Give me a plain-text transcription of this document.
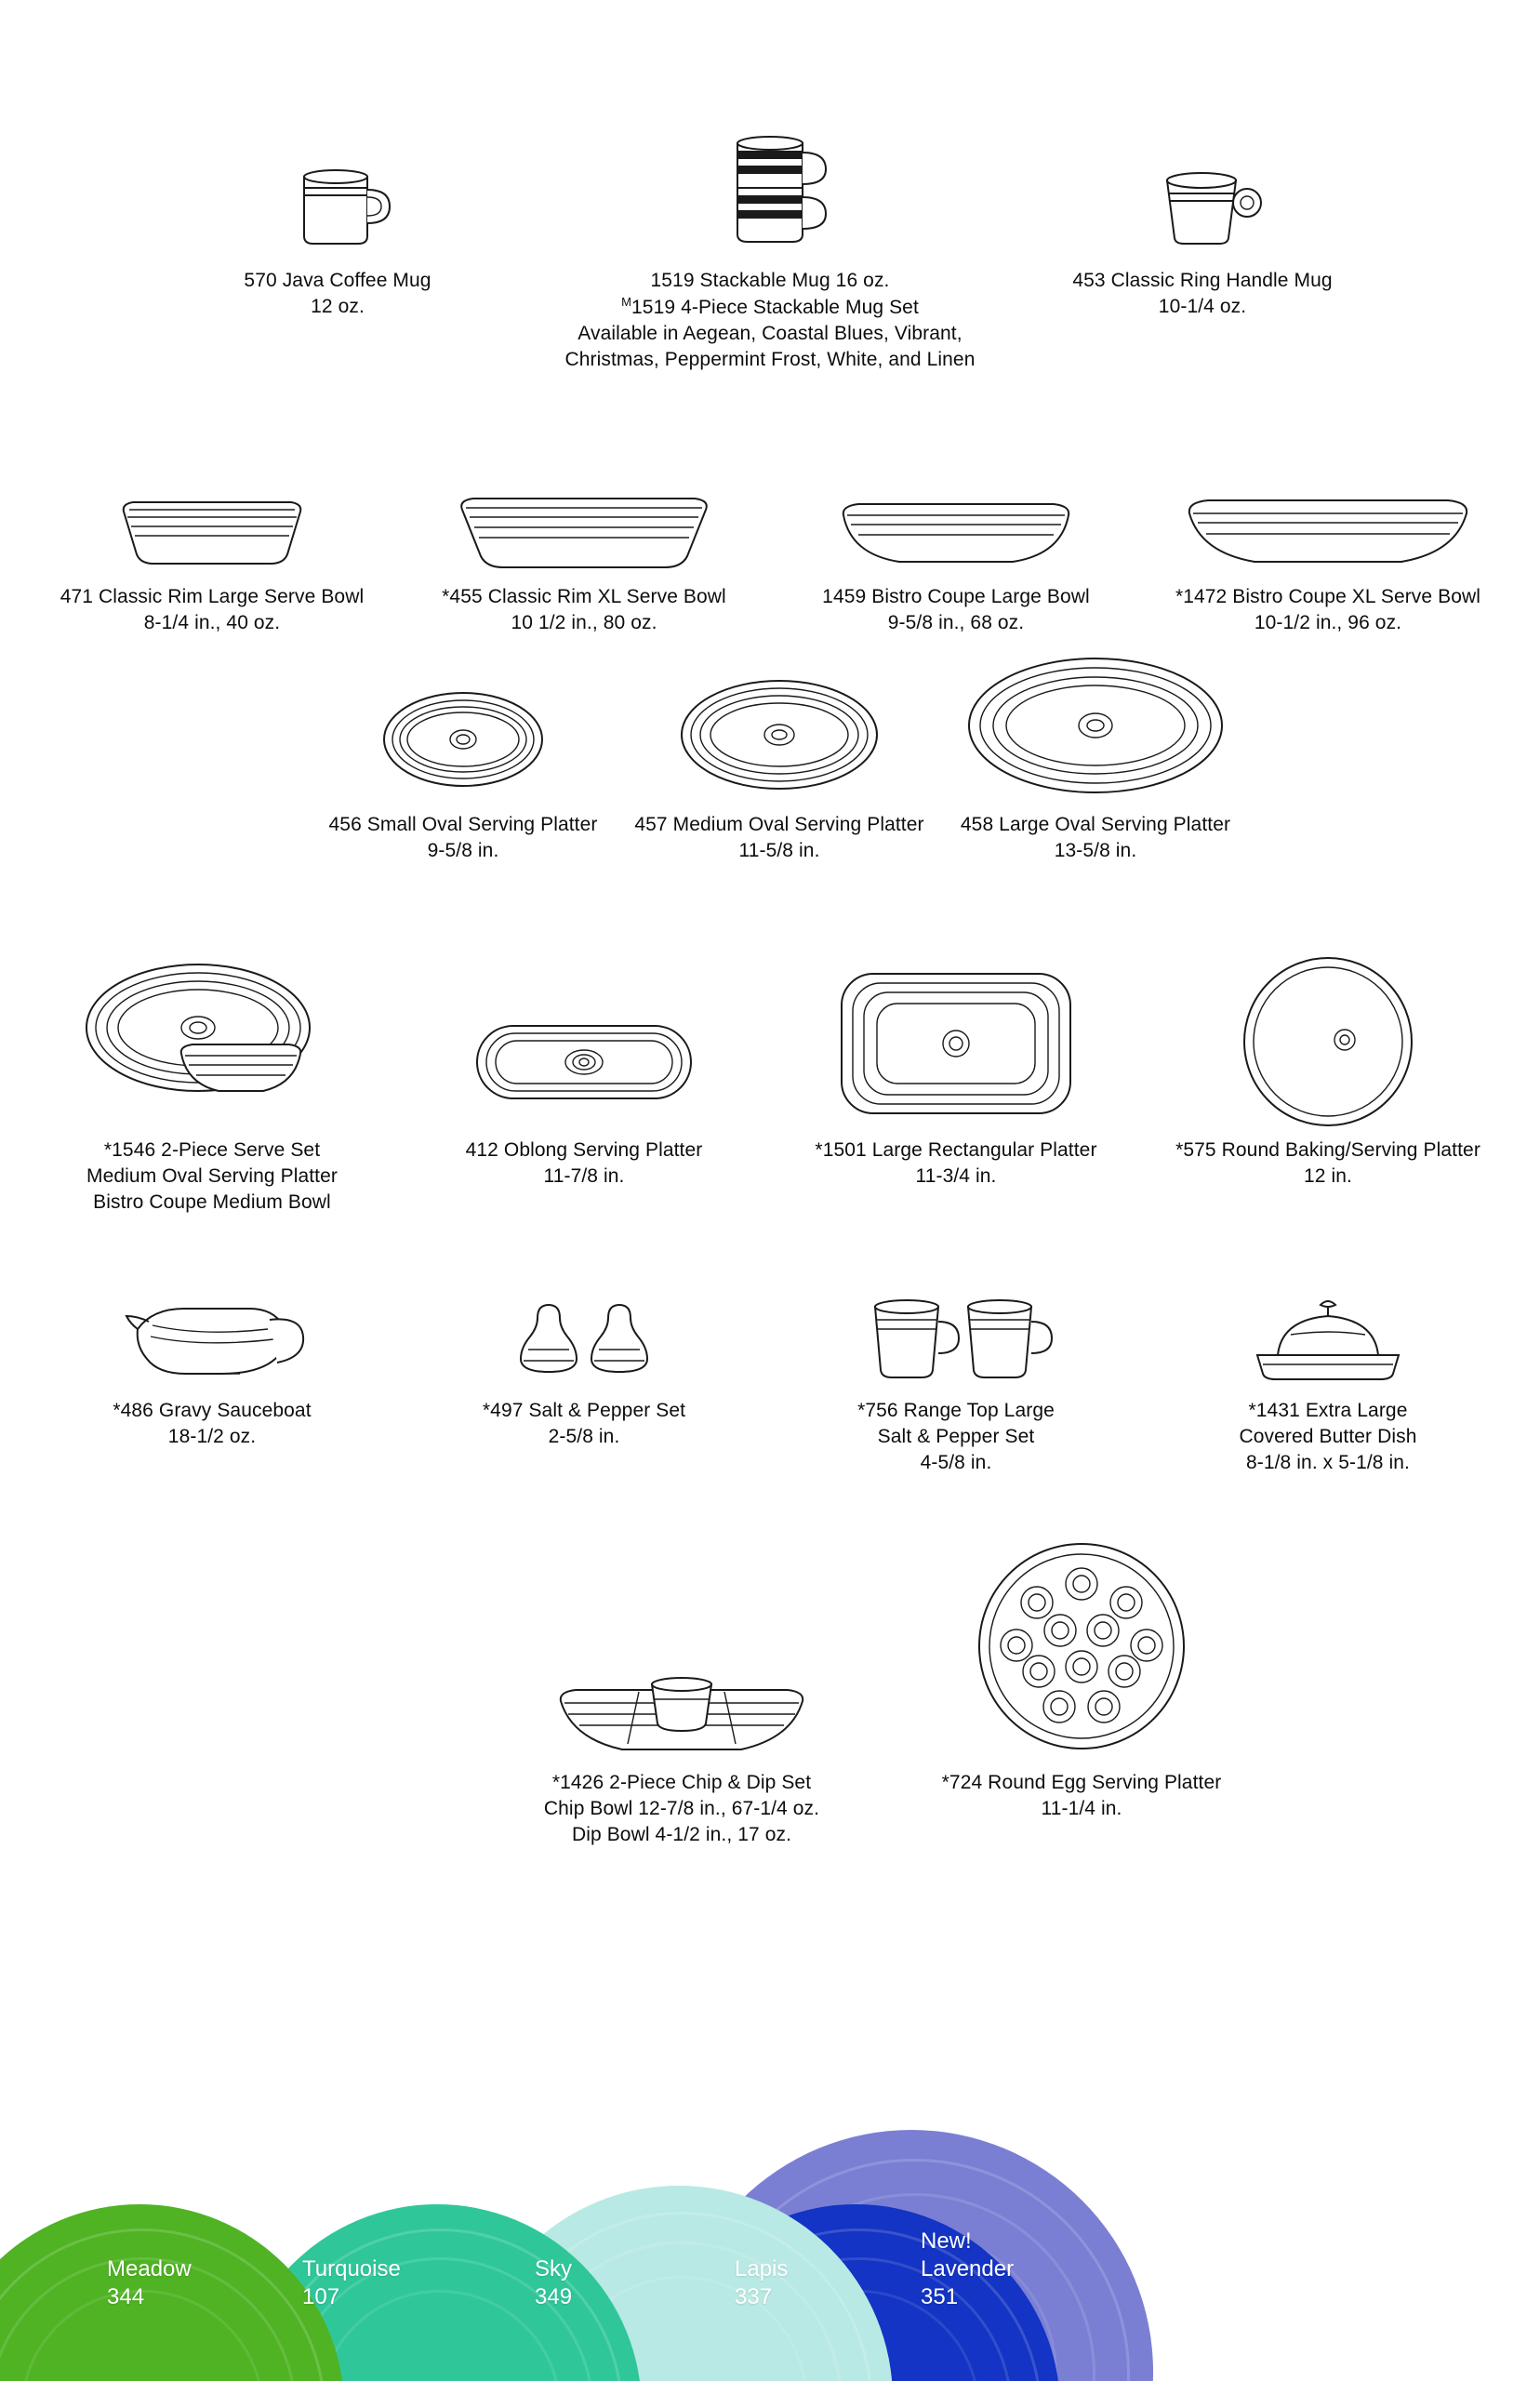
570 Java Coffee Mug
12 oz.
1519 Stackable Mug 16 oz.
$^M$1519 4-Piece Stackable Mug Set
Available in Aegean, Coastal Blues, Vibrant,
Christmas, Peppermint Frost, White, and Linen
453 Classic Ring Handle Mug
10-1/4 oz.
471 Classic Rim Large Serve Bowl
8-1/4 in., 40 oz.
*455 Classic Rim XL Serve Bowl
10 1/2 in., 80 oz.
1459 Bistro Coupe Large Bowl
9-5/8 in., 68 oz.
*1472 Bistro Coupe XL Serve Bowl
10-1/2 in., 96 oz.
456 Small Oval Serving Platter
9-5/8 in.
457 Medium Oval Serving Platter
11-5/8 in.
458 Large Oval Serving Platter
13-5/8 in.
*1546 2-Piece Serve Set
Medium Oval Serving Platter
Bistro Coupe Medium Bowl
412 Oblong Serving Platter
11-7/8 in.
*1501 Large Rectangular Platter
11-3/4 in.
*575 Round Baking/Serving Platter
12 in.
*486 Gravy Sauceboat
18-1/2 oz.
*497 Salt & Pepper Set
2-5/8 in.
*756 Range Top Large
Salt & Pepper Set
4-5/8 in.
*1431 Extra Large
Covered Butter Dish
8-1/8 in. x 5-1/8 in.
*1426 2-Piece Chip & Dip Set
Chip Bowl 12-7/8 in., 67-1/4 oz.
Dip Bowl 4-1/2 in., 17 oz.
*724 Round Egg Serving Platter
11-1/4 in.
Meadow
344
Turquoise
107
Sky
349
Lapis
337
New!
Lavender
351
